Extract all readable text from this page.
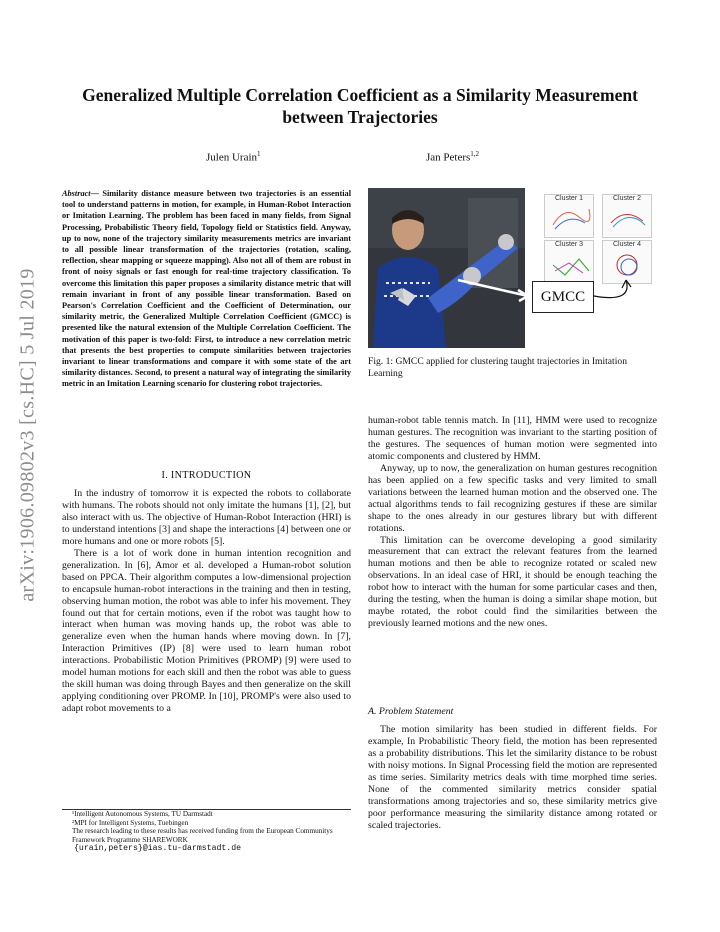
arXiv:1906.09802v3 [cs.HC] 5 Jul 2019
Generalized Multiple Correlation Coefficient as a Similarity Measurement between Trajectories
Julen Urain$^1$	Jan Peters$^{1,2}$
Abstract— Similarity distance measure between two trajectories is an essential tool to understand patterns in motion, for example, in Human-Robot Interaction or Imitation Learning. The problem has been faced in many fields, from Signal Processing, Probabilistic Theory field, Topology field or Statistics field. Anyway, up to now, none of the trajectory similarity measurements metrics are invariant to all possible linear transformation of the trajectories (rotation, scaling, reflection, shear mapping or squeeze mapping). Also not all of them are robust in front of noisy signals or fast enough for real-time trajectory classification. To overcome this limitation this paper proposes a similarity distance metric that will remain invariant in front of any possible linear transformation. Based on Pearson's Correlation Coefficient and the Coefficient of Determination, our similarity metric, the Generalized Multiple Correlation Coefficient (GMCC) is presented like the natural extension of the Multiple Correlation Coefficient. The motivation of this paper is two-fold: First, to introduce a new correlation metric that presents the best properties to compute similarities between trajectories invariant to linear transformations and compare it with some state of the art similarity distances. Second, to present a natural way of integrating the similarity metric in an Imitation Learning scenario for clustering robot trajectories.
I. INTRODUCTION

In the industry of tomorrow it is expected the robots to collaborate with humans. The robots should not only imitate the humans [1], [2], but also interact with us. The objective of Human-Robot Interaction (HRI) is to understand intentions [3] and shape the interactions [4] between one or more humans and one or more robots [5].

There is a lot of work done in human intention recognition and generalization. In [6], Amor et al. developed a Human-robot solution based on PPCA. Their algorithm computes a low-dimensional projection to encapsule human-robot interactions in the training and then in testing, observing human motion, the robot was able to infer his movement. They found out that for certain motions, even if the robot was taught how to interact when human was moving hands up, the robot was able to generalize even when the human hands where moving down. In [7], Interaction Primitives (IP) [8] were used to learn human robot interactions. Probabilistic Motion Primitives (PROMP) [9] were used to model human motions for each skill and then the robot was able to guess the skill human was doing through Bayes and then generalize on the skill applying conditioning over PROMP. In [10], PROMP's were also used to adapt robot movements to a

¹Intelligent Autonomous Systems, TU Darmstadt

²MPI for Intelligent Systems, Tuebingen

The research leading to these results has received funding from the European Communitys Framework Programme SHAREWORK

{urain,peters}@ias.tu-darmstadt.de

Cluster 1	Cluster 2
Cluster 3	Cluster 4
GMCC
Fig. 1: GMCC applied for clustering taught trajectories in Imitation Learning

human-robot table tennis match. In [11], HMM were used to recognize human gestures. The recognition was invariant to the starting position of the gestures. The sequences of human motion were segmented into atomic components and clustered by HMM.

Anyway, up to now, the generalization on human gestures recognition has been applied on a few specific tasks and very limited to small variations between the learned human motion and the observed one. The actual algorithms tends to fail recognizing gestures if these are similar shape to the ones already in our gestures library but with different rotations.

This limitation can be overcome developing a good similarity measurement that can extract the relevant features from the learned human motions and then be able to recognize rotated or scaled new observations. In an ideal case of HRI, it should be enough teaching the robot how to interact with the human for some particular cases and then, during the testing, when the human is doing a similar shape motion, but maybe rotated, the robot could find the similarities between the previously learned motions and the new ones.

A. Problem Statement

The motion similarity has been studied in different fields. For example, In Probabilistic Theory field, the motion has been represented as a probability distributions. This let the similarity distance to be robust with noisy motions. In Signal Processing field the motion are represented as time series. Similarity metrics deals with time morphed time series. None of the commented similarity metrics consider spatial transformations among trajectories and so, these similarity metrics give poor performance measuring the similarity distance among rotated or scaled trajectories.
